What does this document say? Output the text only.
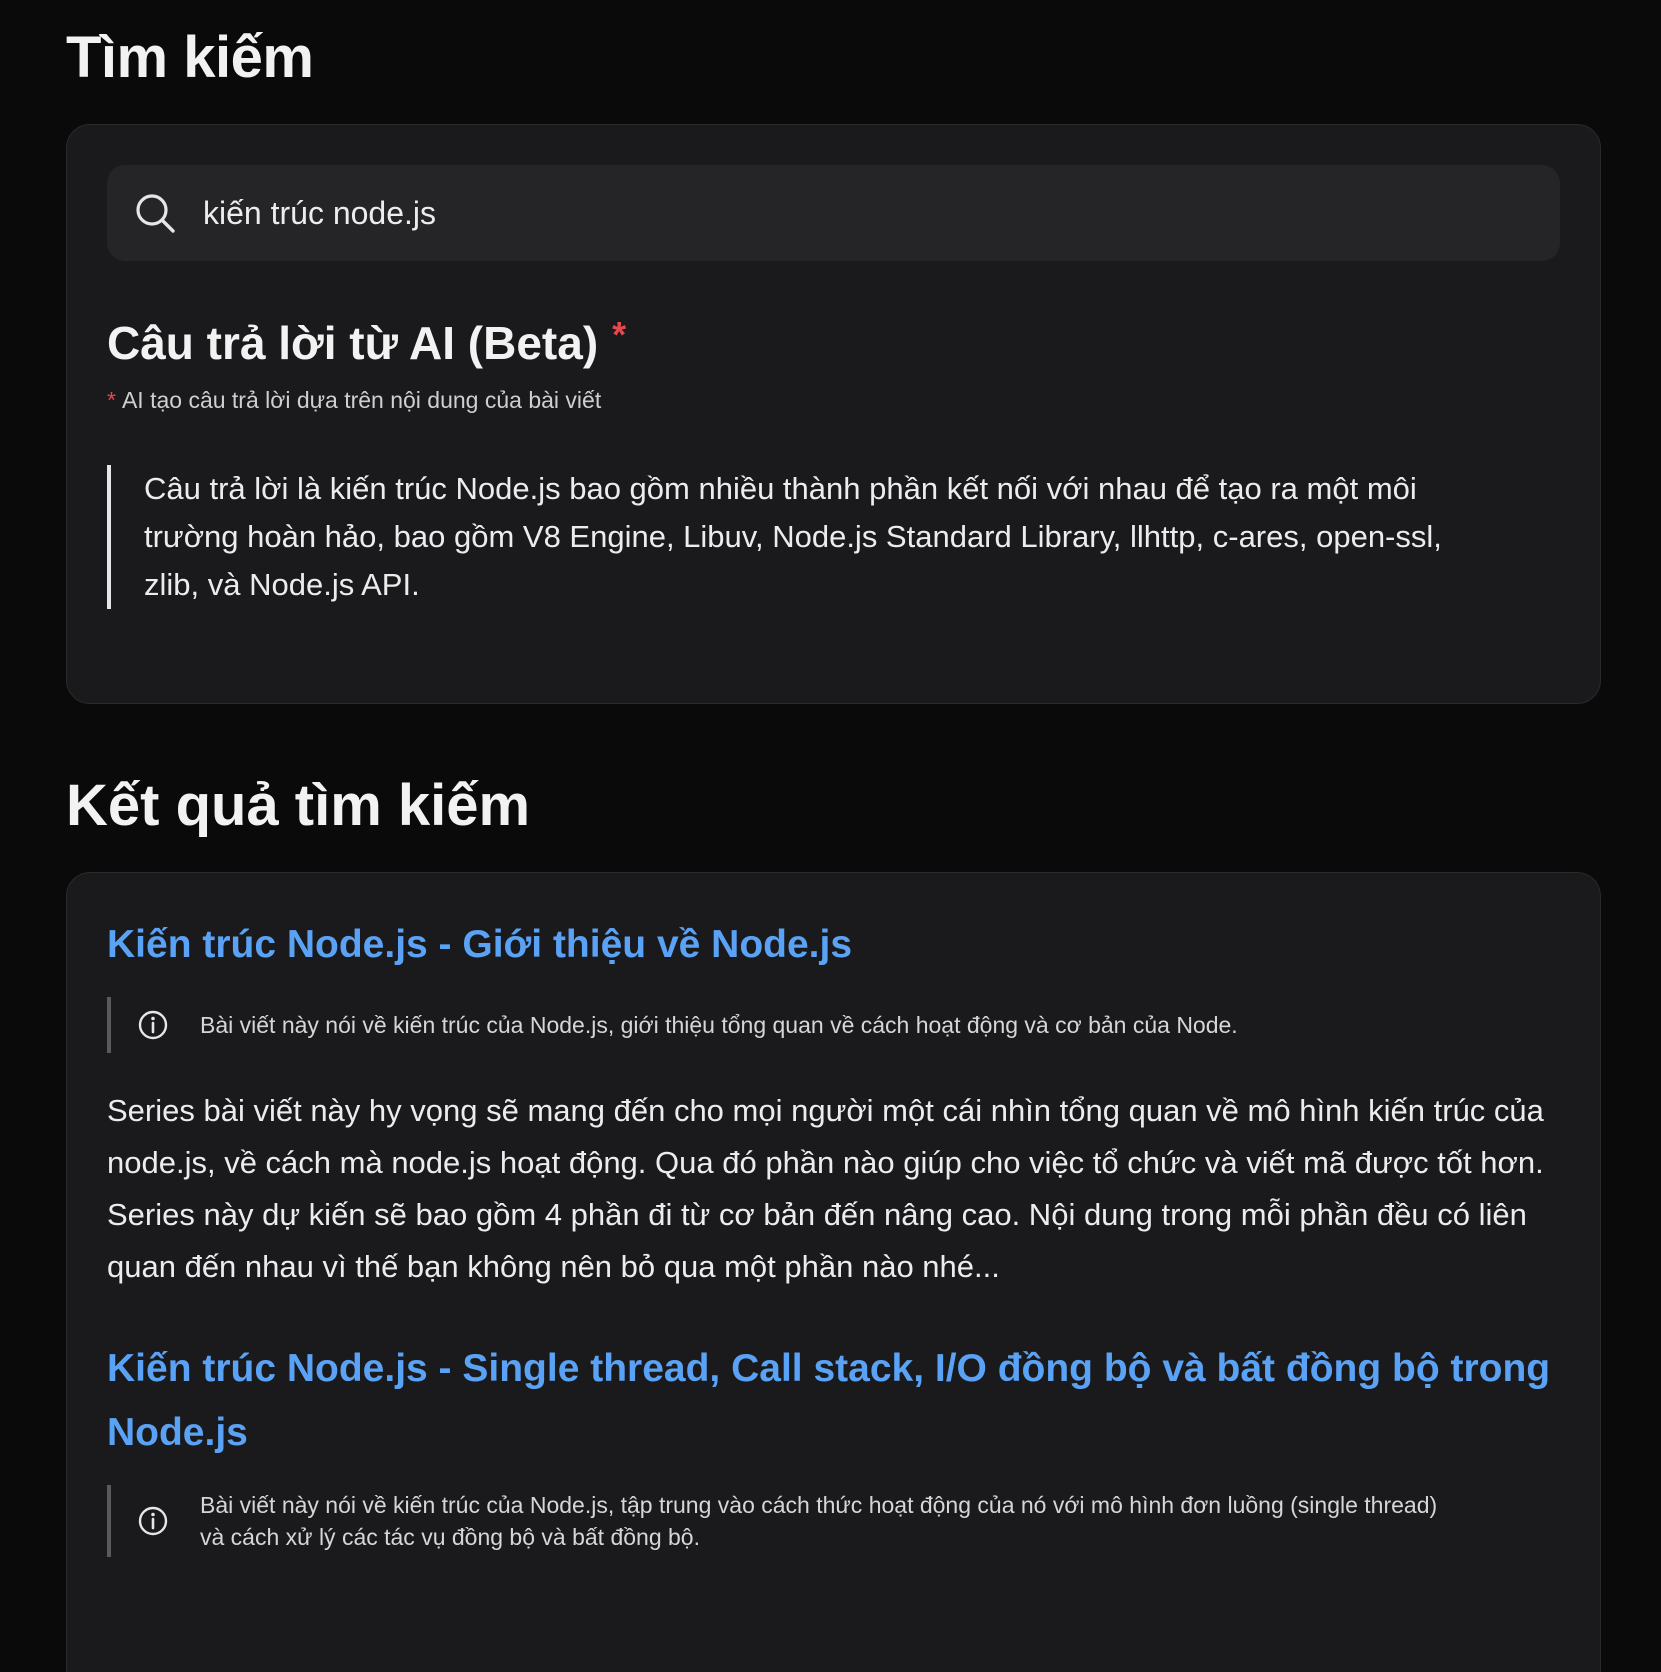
Tìm kiếm
kiến trúc node.js
Câu trả lời từ AI (Beta) *
* AI tạo câu trả lời dựa trên nội dung của bài viết
Câu trả lời là kiến trúc Node.js bao gồm nhiều thành phần kết nối với nhau để tạo ra một môi trường hoàn hảo, bao gồm V8 Engine, Libuv, Node.js Standard Library, llhttp, c-ares, open-ssl, zlib, và Node.js API.
Kết quả tìm kiếm
Kiến trúc Node.js - Giới thiệu về Node.js
Bài viết này nói về kiến trúc của Node.js, giới thiệu tổng quan về cách hoạt động và cơ bản của Node.
Series bài viết này hy vọng sẽ mang đến cho mọi người một cái nhìn tổng quan về mô hình kiến trúc của node.js, về cách mà node.js hoạt động. Qua đó phần nào giúp cho việc tổ chức và viết mã được tốt hơn. Series này dự kiến sẽ bao gồm 4 phần đi từ cơ bản đến nâng cao. Nội dung trong mỗi phần đều có liên quan đến nhau vì thế bạn không nên bỏ qua một phần nào nhé...
Kiến trúc Node.js - Single thread, Call stack, I/O đồng bộ và bất đồng bộ trong Node.js
Bài viết này nói về kiến trúc của Node.js, tập trung vào cách thức hoạt động của nó với mô hình đơn luồng (single thread) và cách xử lý các tác vụ đồng bộ và bất đồng bộ.
